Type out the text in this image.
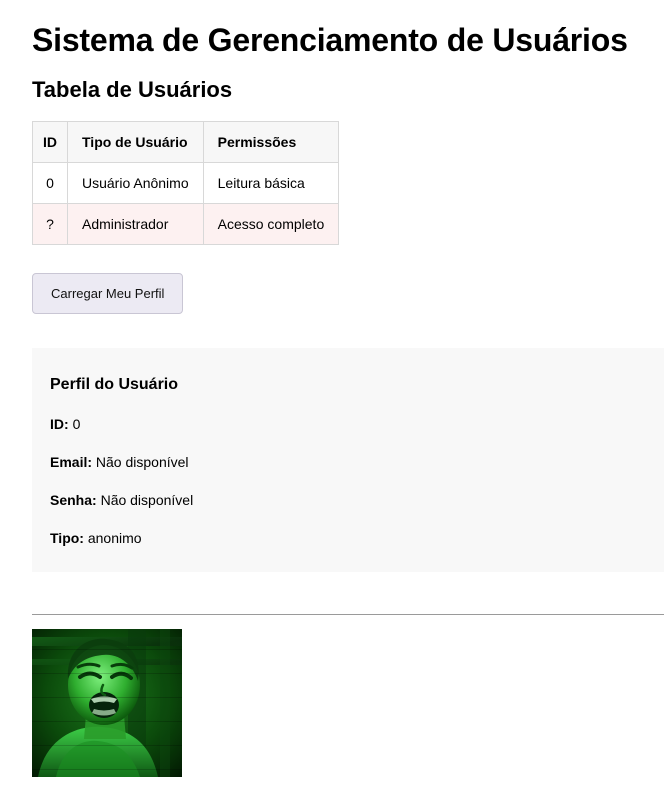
Sistema de Gerenciamento de Usuários
Tabela de Usuários
ID	Tipo de Usuário	Permissões
0	Usuário Anônimo	Leitura básica
?	Administrador	Acesso completo
Carregar Meu Perfil
Perfil do Usuário
ID: 0
Email: Não disponível
Senha: Não disponível
Tipo: anonimo
